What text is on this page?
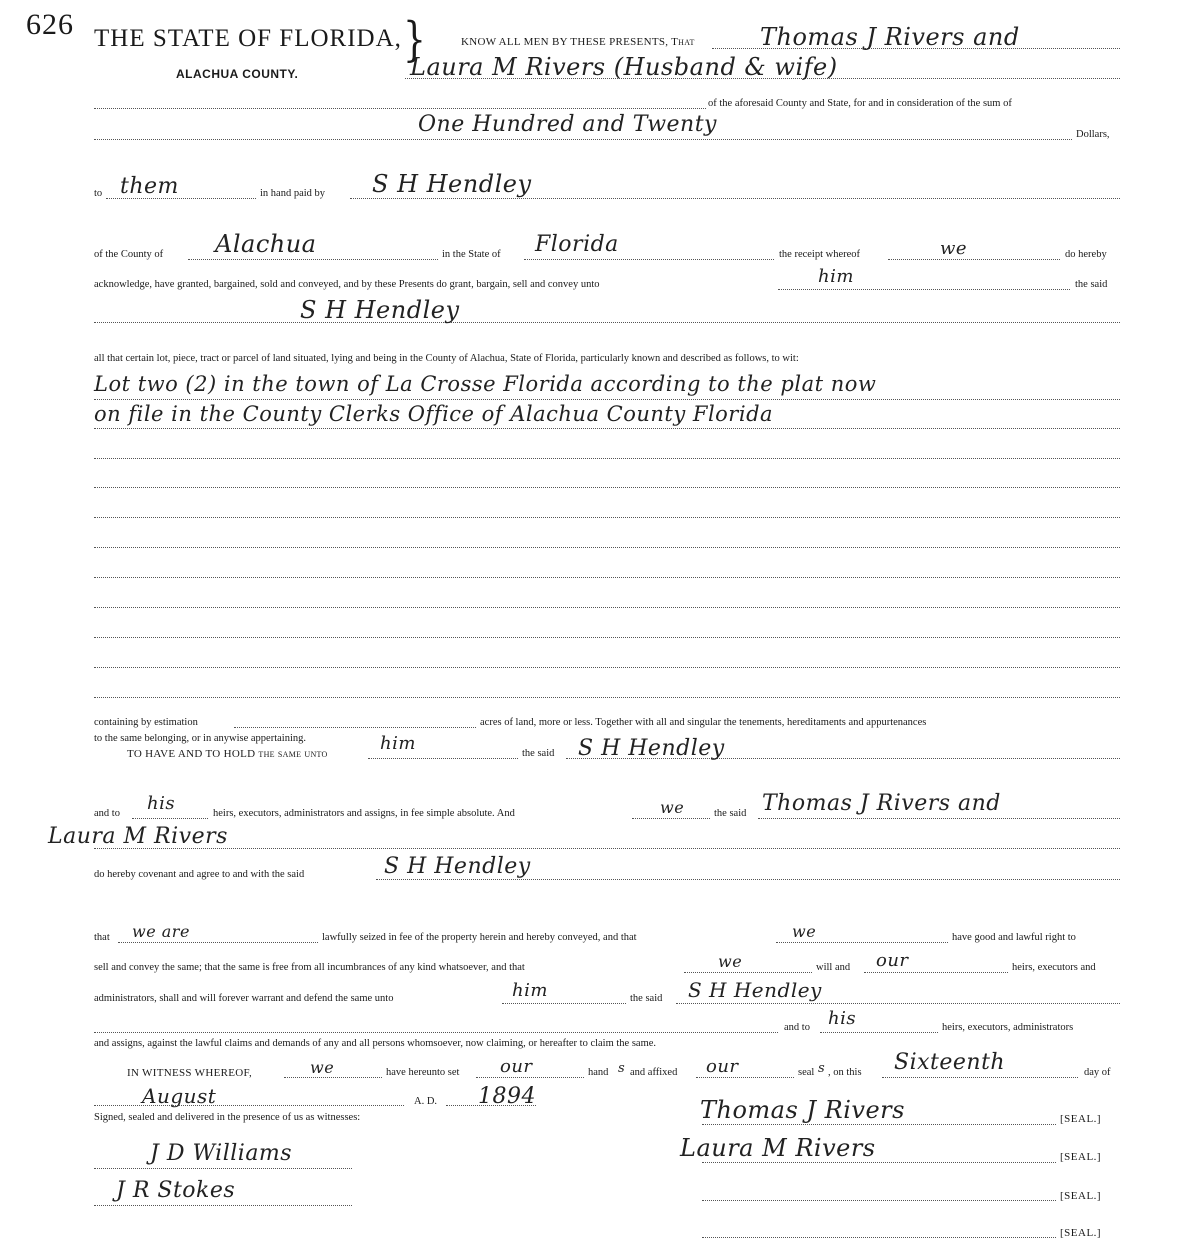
626 THE STATE OF FLORIDA, }
ALACHUA COUNTY.
KNOW ALL MEN BY THESE PRESENTS, That	Thomas J Rivers and
Laura M Rivers (Husband & wife)
of the aforesaid County and State, for and in consideration of the sum of
One Hundred and Twenty	Dollars,
to them	in hand paid by S H Hendley
of the County of Alachua	in the State of Florida	the receipt whereof	we	do hereby
acknowledge, have granted, bargained, sold and conveyed, and by these Presents do grant, bargain, sell and convey unto	him	the said
S H Hendley
all that certain lot, piece, tract or parcel of land situated, lying and being in the County of Alachua, State of Florida, particularly known and described as follows, to wit:
Lot two (2) in the town of La Crosse Florida according to the plat now
on file in the County Clerks Office of Alachua County Florida
containing by estimation	acres of land, more or less. Together with all and singular the tenements, hereditaments and appurtenances
to the same belonging, or in anywise appertaining.
TO HAVE AND TO HOLD the same unto	him	the said S H Hendley
and to his	heirs, executors, administrators and assigns, in fee simple absolute. And	we	the said Thomas J Rivers and
Laura M Rivers
do hereby covenant and agree to and with the said	S H Hendley
that we are	lawfully seized in fee of the property herein and hereby conveyed, and that	we	have good and lawful right to
sell and convey the same; that the same is free from all incumbrances of any kind whatsoever, and that	we	will and our	heirs, executors and
administrators, shall and will forever warrant and defend the same unto	him	the said S H Hendley
and to his	heirs, executors, administrators
and assigns, against the lawful claims and demands of any and all persons whomsoever, now claiming, or hereafter to claim the same.
IN WITNESS WHEREOF,	we	have hereunto set our	hand s and affixed our	seal s , on this Sixteenth	day of
August	A. D. 1894
Signed, sealed and delivered in the presence of us as witnesses:
J D Williams
J R Stokes
Thomas J Rivers	[SEAL.]
Laura M Rivers	[SEAL.]
[SEAL.]
[SEAL.]
